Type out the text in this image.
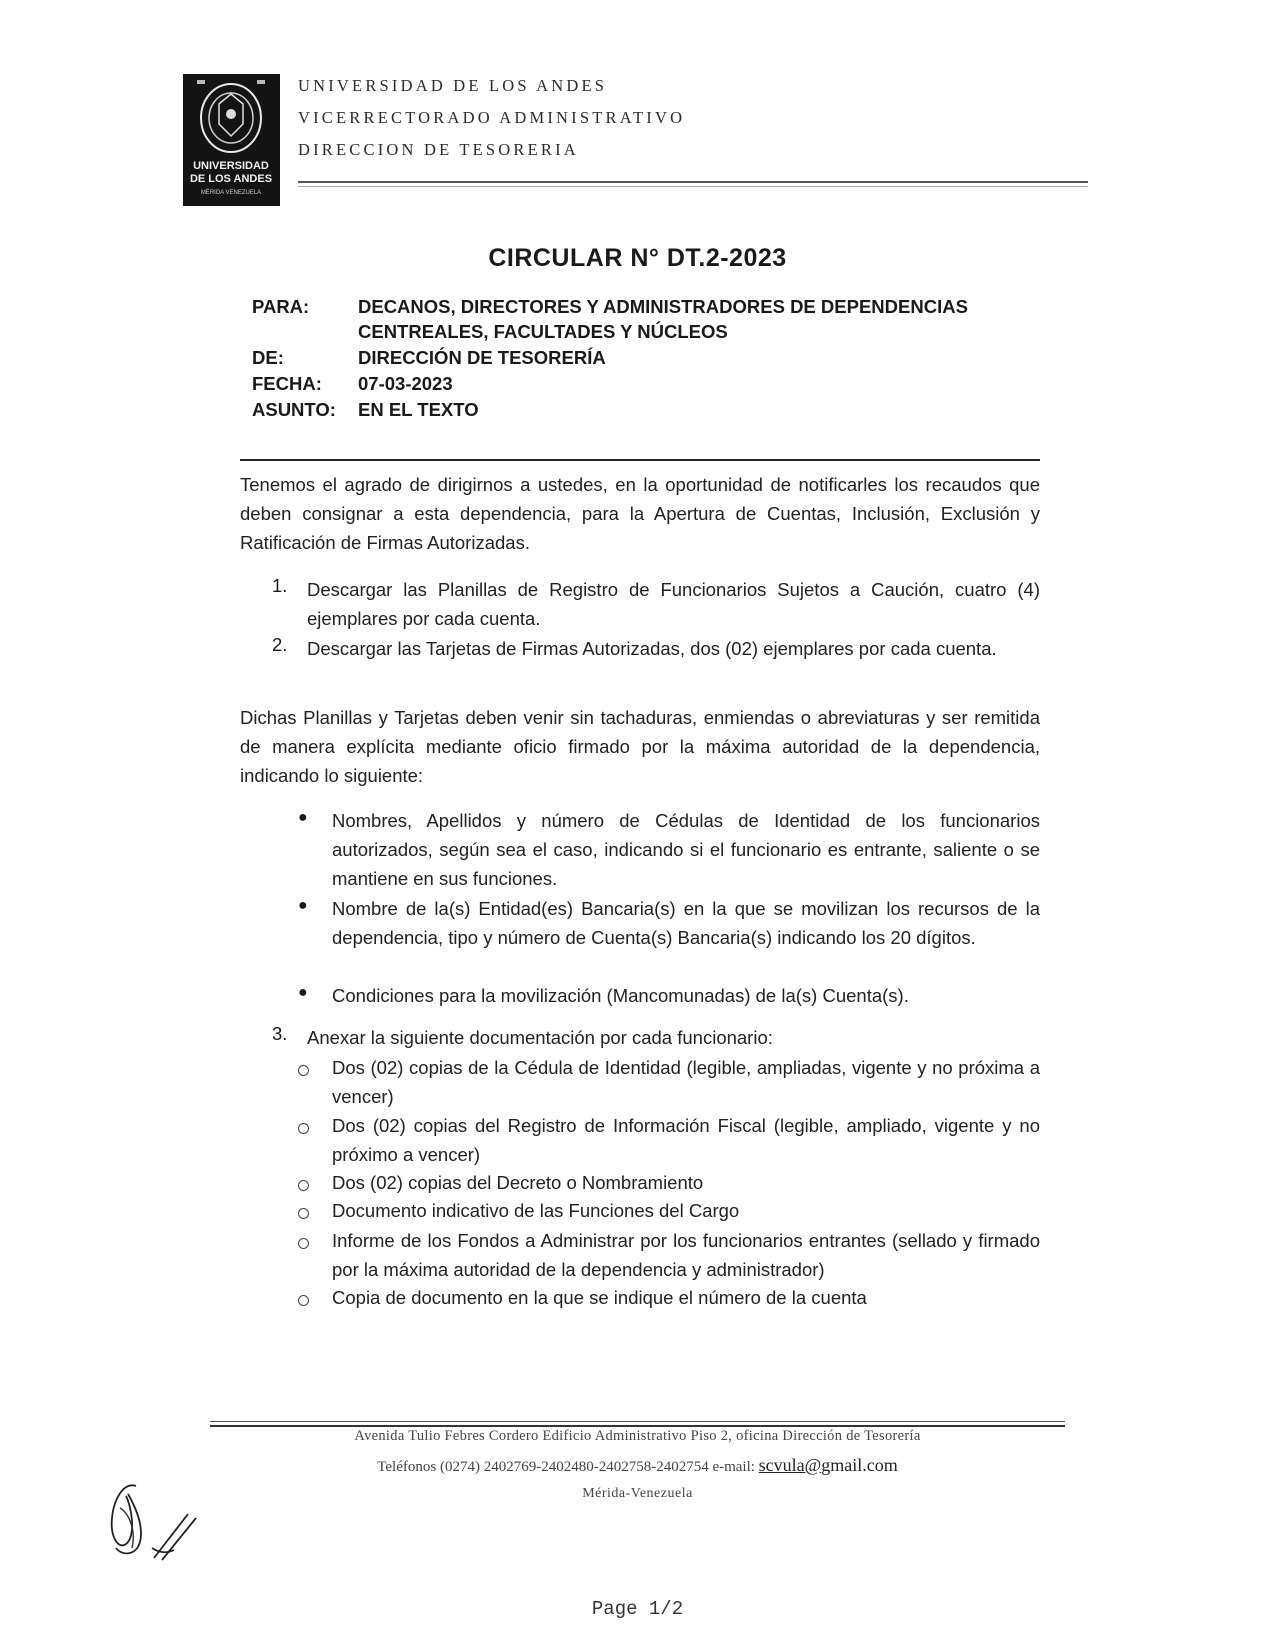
UNIVERSIDAD
DE LOS ANDES
MÉRIDA VENEZUELA
UNIVERSIDAD DE LOS ANDES
VICERRECTORADO ADMINISTRATIVO
DIRECCION DE TESORERIA
CIRCULAR N° DT.2-2023
PARA:	DECANOS, DIRECTORES Y ADMINISTRADORES DE DEPENDENCIAS
CENTREALES, FACULTADES Y NÚCLEOS
DE:	DIRECCIÓN DE TESORERÍA
FECHA: 07-03-2023
ASUNTO: EN EL TEXTO
Tenemos el agrado de dirigirnos a ustedes, en la oportunidad de notificarles los recaudos que deben consignar a esta dependencia, para la Apertura de Cuentas, Inclusión, Exclusión y Ratificación de Firmas Autorizadas.
1. Descargar las Planillas de Registro de Funcionarios Sujetos a Caución, cuatro (4) ejemplares por cada cuenta.
2. Descargar las Tarjetas de Firmas Autorizadas, dos (02) ejemplares por cada cuenta.
Dichas Planillas y Tarjetas deben venir sin tachaduras, enmiendas o abreviaturas y ser remitida de manera explícita mediante oficio firmado por la máxima autoridad de la dependencia, indicando lo siguiente:
● Nombres, Apellidos y número de Cédulas de Identidad de los funcionarios autorizados, según sea el caso, indicando si el funcionario es entrante, saliente o se mantiene en sus funciones.
● Nombre de la(s) Entidad(es) Bancaria(s) en la que se movilizan los recursos de la dependencia, tipo y número de Cuenta(s) Bancaria(s) indicando los 20 dígitos.
● Condiciones para la movilización (Mancomunadas) de la(s) Cuenta(s).
3. Anexar la siguiente documentación por cada funcionario:
Dos (02) copias de la Cédula de Identidad (legible, ampliadas, vigente y no próxima a vencer)
Dos (02) copias del Registro de Información Fiscal (legible, ampliado, vigente y no próximo a vencer)
Dos (02) copias del Decreto o Nombramiento
Documento indicativo de las Funciones del Cargo
Informe de los Fondos a Administrar por los funcionarios entrantes (sellado y firmado por la máxima autoridad de la dependencia y administrador)
Copia de documento en la que se indique el número de la cuenta
Avenida Tulio Febres Cordero Edificio Administrativo Piso 2, oficina Dirección de Tesorería
Teléfonos (0274) 2402769-2402480-2402758-2402754 e-mail: scvula@gmail.com
Mérida-Venezuela
Page 1/2
